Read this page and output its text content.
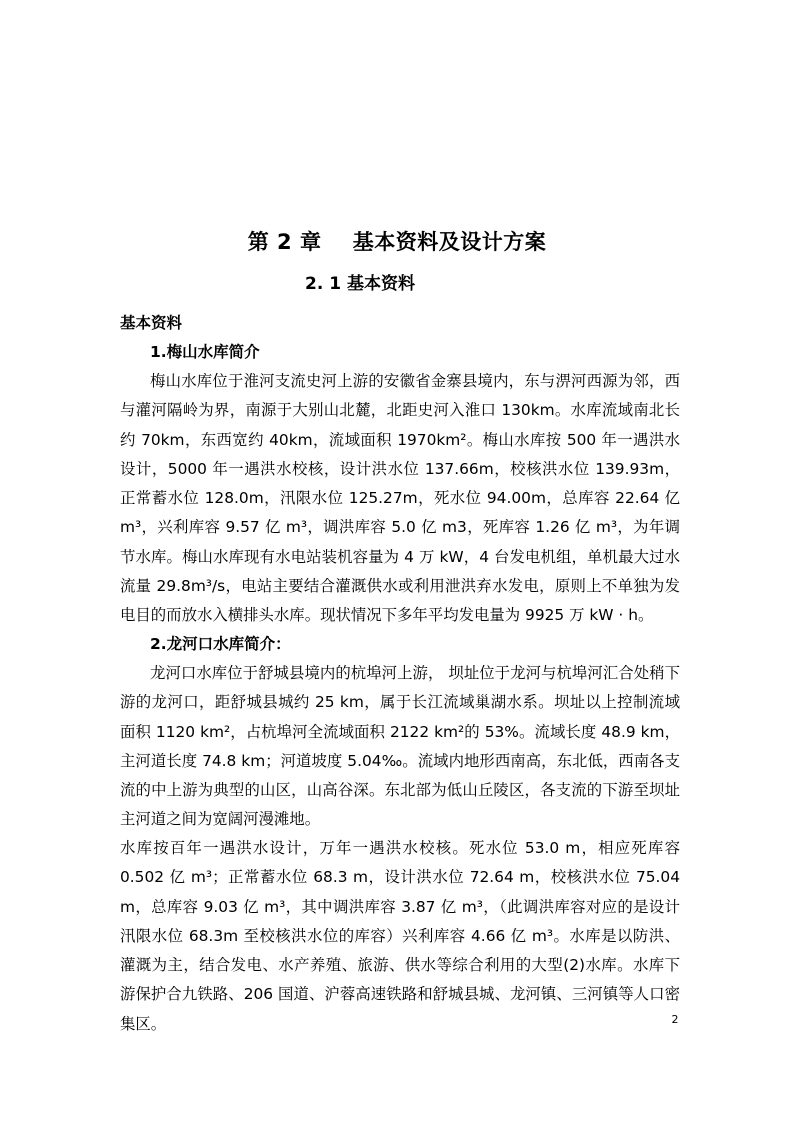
第 2 章    基本资料及设计方案
2. 1 基本资料
基本资料
1.梅山水库简介

梅山水库位于淮河支流史河上游的安徽省金寨县境内，东与淠河西源为邻，西与灌河隔岭为界，南源于大别山北麓，北距史河入淮口 130km。水库流域南北长约 70km，东西宽约 40km，流域面积 1970km²。梅山水库按 500 年一遇洪水设计，5000 年一遇洪水校核，设计洪水位 137.66m，校核洪水位 139.93m，正常蓄水位 128.0m，汛限水位 125.27m，死水位 94.00m，总库容 22.64 亿 m³，兴利库容 9.57 亿 m³，调洪库容 5.0 亿 m3，死库容 1.26 亿 m³，为年调节水库。梅山水库现有水电站装机容量为 4 万 kW，4 台发电机组，单机最大过水流量 29.8m³/s，电站主要结合灌溉供水或利用泄洪弃水发电，原则上不单独为发电目的而放水入横排头水库。现状情况下多年平均发电量为 9925 万 kW · h。

2.龙河口水库简介：

龙河口水库位于舒城县境内的杭埠河上游， 坝址位于龙河与杭埠河汇合处稍下游的龙河口，距舒城县城约 25 km，属于长江流域巢湖水系。坝址以上控制流域面积 1120 km²，占杭埠河全流域面积 2122 km²的 53%。流域长度 48.9 km，主河道长度 74.8 km；河道坡度 5.04‰。流域内地形西南高，东北低，西南各支流的中上游为典型的山区，山高谷深。东北部为低山丘陵区，各支流的下游至坝址主河道之间为宽阔河漫滩地。

水库按百年一遇洪水设计，万年一遇洪水校核。死水位 53.0 m，相应死库容 0.502 亿 m³；正常蓄水位 68.3 m，设计洪水位 72.64 m，校核洪水位 75.04 m，总库容 9.03 亿 m³，其中调洪库容 3.87 亿 m³，（此调洪库容对应的是设计汛限水位 68.3m 至校核洪水位的库容）兴利库容 4.66 亿 m³。水库是以防洪、灌溉为主，结合发电、水产养殖、旅游、供水等综合利用的大型(2)水库。水库下游保护合九铁路、206 国道、沪蓉高速铁路和舒城县城、龙河镇、三河镇等人口密集区。	2
